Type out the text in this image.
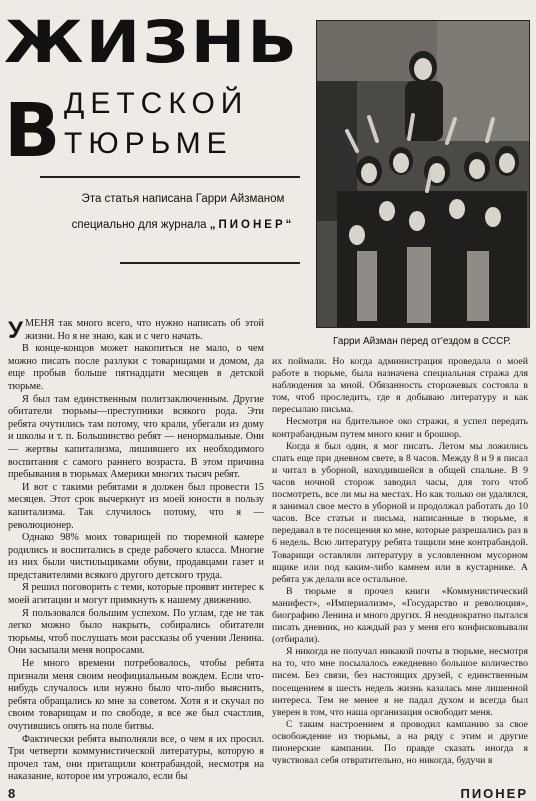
ЖИЗНЬ
В ДЕТСКОЙ
ТЮРЬМЕ
Эта статья написана Гарри Айзманом
специально для журнала „ПИОНЕР“
Гарри Айзман перед от'ездом в СССР.

УМЕНЯ так много всего, что нужно написать об этой жизни. Но я не знаю, как и с чего начать.

В конце-концов может накопиться не мало, о чем можно писать после разлуки с товарищами и домом, да еще пробыв больше пятнадцати месяцев в детской тюрьме.

Я был там единственным политзаключенным. Другие обитатели тюрьмы—преступники всякого рода. Эти ребята очутились там потому, что крали, убегали из дому и школы и т. п. Большинство ребят — ненормальные. Они — жертвы капитализма, лишившего их необходимого воспитания с самого раннего возраста. В этом причина пребывания в тюрьмах Америки многих тысяч ребят.

И вот с такими ребятами я должен был провести 15 месяцев. Этот срок вычеркнут из моей юности в пользу капитализма. Так случилось потому, что я — революционер.

Однако 98% моих товарищей по тюремной камере родились и воспитались в среде рабочего класса. Многие из них были чистильщиками обуви, продавцами газет и представителями всякого другого детского труда.

Я решил поговорить с теми, которые проявят интерес к моей агитации и могут примкнуть к нашему движению.

Я пользовался большим успехом. По углам, где не так легко можно было накрыть, собирались обитатели тюрьмы, чтоб послушать мои рассказы об учении Ленина. Они засыпали меня вопросами.

Не много времени потребовалось, чтобы ребята признали меня своим неофициальным вождем. Если что-нибудь случалось или нужно было что-либо выяснить, ребята обращались ко мне за советом. Хотя я и скучал по своим товарищам и по свободе, я все же был счастлив, очутившись опять на поле битвы.

Фактически ребята выполняли все, о чем я их просил. Три четверти коммунистической литературы, которую я прочел там, они притащили контрабандой, несмотря на наказание, которое им угрожало, если бы

их поймали. Но когда администрация проведала о моей работе в тюрьме, была назначена специальная стража для наблюдения за мной. Обязанность сторожевых состояла в том, чтоб проследить, где я добываю литературу и как пересылаю письма.

Несмотря на бдительное око стражи, я успел передать контрабандным путем много книг и брошюр.

Когда я был один, я мог писать. Летом мы ложились спать еще при дневном свете, в 8 часов. Между 8 и 9 я писал и читал в уборной, находившейся в общей спальне. В 9 часов ночной сторож заводил часы, для того чтоб посмотреть, все ли мы на местах. Но как только он удалялся, я занимал свое место в уборной и продолжал работать до 10 часов. Все статьи и письма, написанные в тюрьме, я передавал в те посещения ко мне, которые разрешались раз в 6 недель. Всю литературу ребята тащили мне контрабандой. Товарищи оставляли литературу в условленном мусорном ящике или под каким-либо камнем или в кустарнике. А ребята уж делали все остальное.

В тюрьме я прочел книги «Коммунистический манифест», «Империализм», «Государство и революция», биографию Ленина и много других. Я неоднократно пытался писать дневник, но каждый раз у меня его конфисковывали (отбирали).

Я никогда не получал никакой почты в тюрьме, несмотря на то, что мне посылалось ежедневно большое количество писем. Без связи, без настоящих друзей, с единственным посещением в шесть недель жизнь казалась мне лишенной интереса. Тем не менее я не падал духом и всегда был уверен в том, что наша организация освободит меня.

С таким настроением я проводил кампанию за свое освобождение из тюрьмы, а на ряду с этим и другие пионерские кампании. По правде сказать иногда я чувствовал себя отвратительно, но никогда, будучи в

8	ПИОНЕР
